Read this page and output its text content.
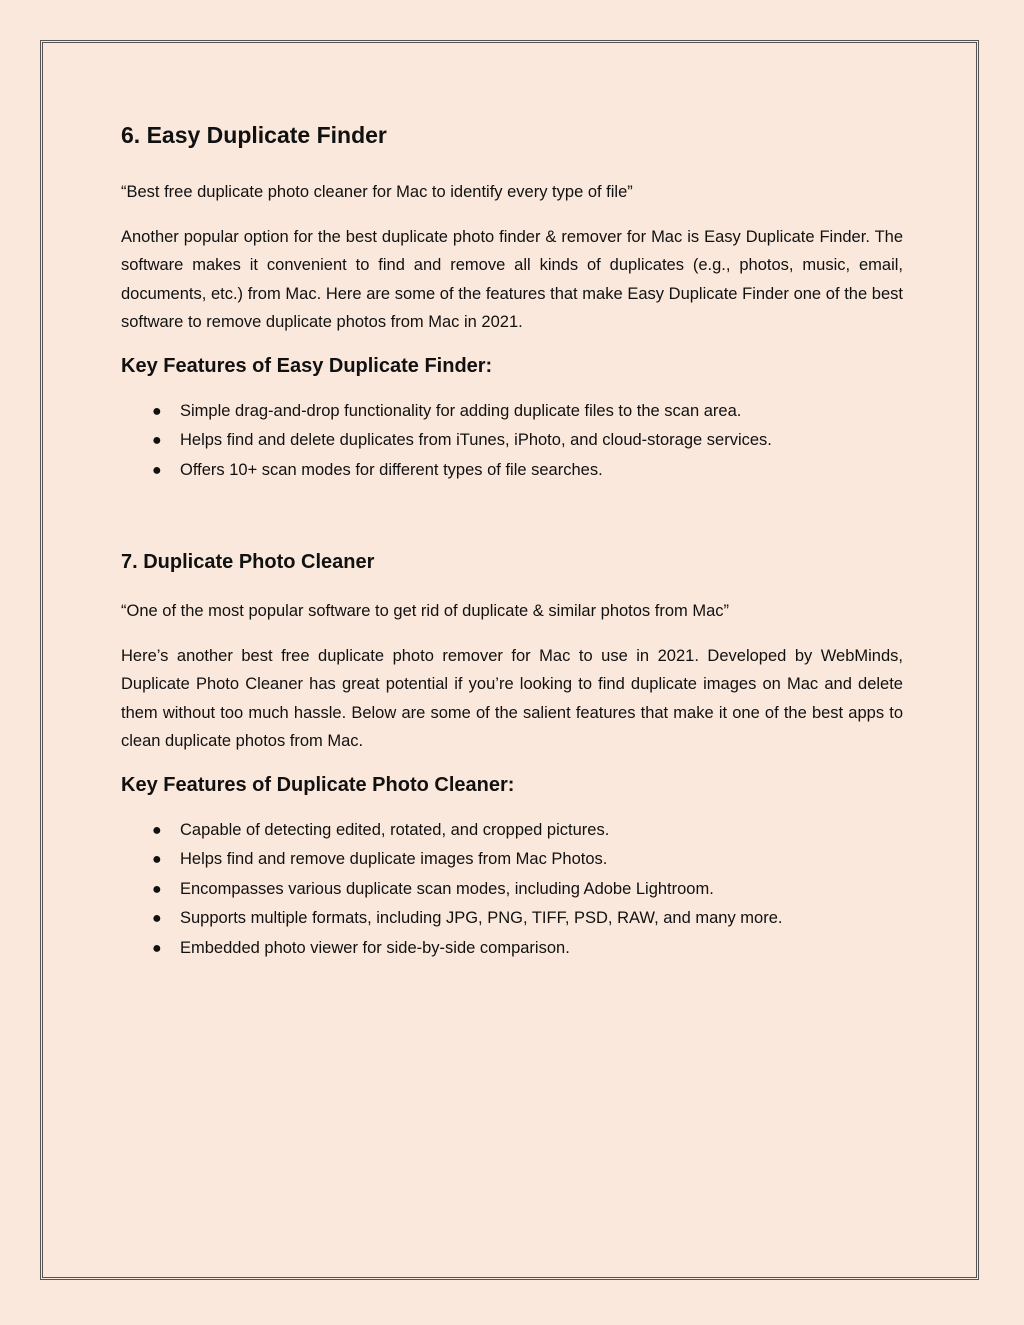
6. Easy Duplicate Finder

“Best free duplicate photo cleaner for Mac to identify every type of file”

Another popular option for the best duplicate photo finder & remover for Mac is Easy Duplicate Finder. The software makes it convenient to find and remove all kinds of duplicates (e.g., photos, music, email, documents, etc.) from Mac. Here are some of the features that make Easy Duplicate Finder one of the best software to remove duplicate photos from Mac in 2021.

Key Features of Easy Duplicate Finder:
● Simple drag-and-drop functionality for adding duplicate files to the scan area.
● Helps find and delete duplicates from iTunes, iPhoto, and cloud-storage services.
● Offers 10+ scan modes for different types of file searches.
7. Duplicate Photo Cleaner

“One of the most popular software to get rid of duplicate & similar photos from Mac”

Here’s another best free duplicate photo remover for Mac to use in 2021. Developed by WebMinds, Duplicate Photo Cleaner has great potential if you’re looking to find duplicate images on Mac and delete them without too much hassle. Below are some of the salient features that make it one of the best apps to clean duplicate photos from Mac.

Key Features of Duplicate Photo Cleaner:
● Capable of detecting edited, rotated, and cropped pictures.
● Helps find and remove duplicate images from Mac Photos.
● Encompasses various duplicate scan modes, including Adobe Lightroom.
● Supports multiple formats, including JPG, PNG, TIFF, PSD, RAW, and many more.
● Embedded photo viewer for side-by-side comparison.
